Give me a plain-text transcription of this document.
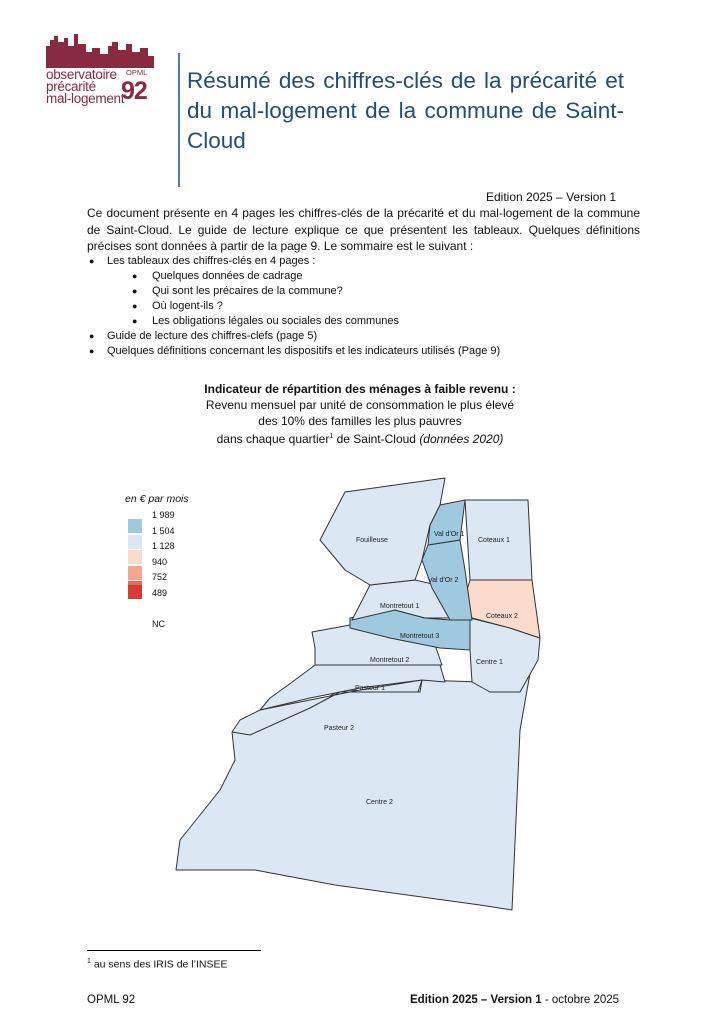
observatoire
précarité
mal-logement
OPML
92 Résumé des chiffres-clés de la précarité et du mal-logement de la commune de Saint-Cloud
Edition 2025 – Version 1
Ce document présente en 4 pages les chiffres-clés de la précarité et du mal-logement de la commune de Saint-Cloud. Le guide de lecture explique ce que présentent les tableaux. Quelques définitions précises sont données à partir de la page 9. Le sommaire est le suivant :
● Les tableaux des chiffres-clés en 4 pages :
● Quelques données de cadrage
● Qui sont les précaires de la commune?
● Où logent-ils ?
● Les obligations légales ou sociales des communes
● Guide de lecture des chiffres-clefs (page 5)
● Quelques définitions concernant les dispositifs et les indicateurs utilisés (Page 9)
Indicateur de répartition des ménages à faible revenu :
Revenu mensuel par unité de consommation le plus élevé
des 10% des familles les plus pauvres
dans chaque quartier$^1$ de Saint-Cloud (données 2020)
en € par mois
1 989
1 504
1 128
940
752
489
NC
Fouilleuse
Val d'Or 1
Val d'Or 2
Coteaux 1
Coteaux 2
Montretout 1
Montretout 3
Centre 1
Montretout 2
Pasteur 1
Pasteur 2
Centre 2
$^1$ au sens des IRIS de l’INSEE
OPML 92	Edition 2025 – Version 1 - octobre 2025
